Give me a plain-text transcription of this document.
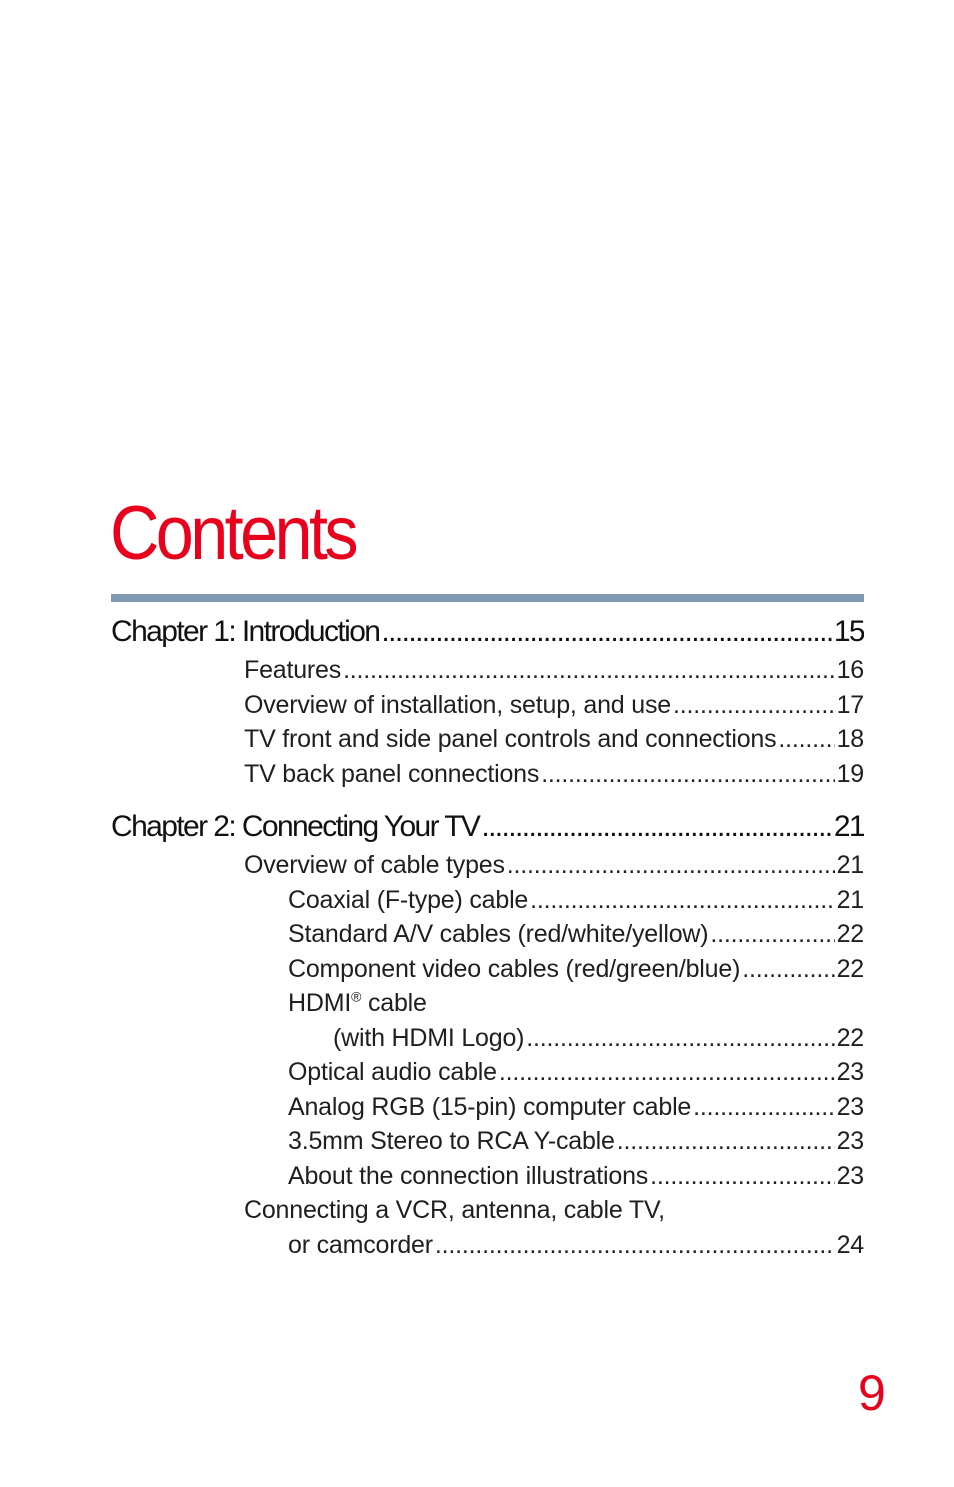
Contents
Chapter 1: Introduction .....	15
Features .....	16
Overview of installation, setup, and use .....	17
TV front and side panel controls and connections ..... 18
TV back panel connections .....	19
Chapter 2: Connecting Your TV .....	21
Overview of cable types .....	21
Coaxial (F-type) cable .....	21
Standard A/V cables (red/white/yellow) .....	22
Component video cables (red/green/blue) .....	22
HDMI® cable
(with HDMI Logo) .....	22
Optical audio cable .....	23
Analog RGB (15-pin) computer cable .....	23
3.5mm Stereo to RCA Y-cable .....	23
About the connection illustrations .....	23
Connecting a VCR, antenna, cable TV,
or camcorder .....	24
9
